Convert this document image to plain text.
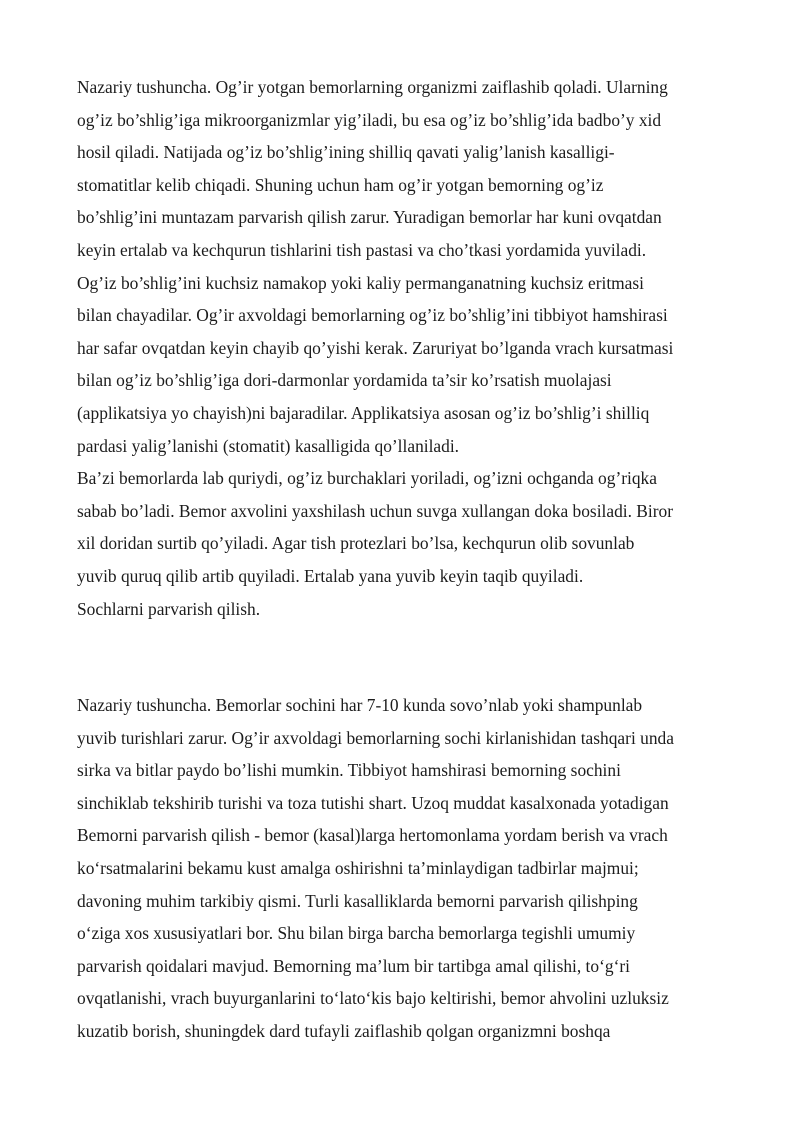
Nazariy tushuncha. Og’ir yotgan bemorlarning organizmi zaiflashib qoladi. Ularning
og’iz bo’shlig’iga mikroorganizmlar yig’iladi, bu esa og’iz bo’shlig’ida badbo’y xid
hosil qiladi. Natijada og’iz bo’shlig’ining shilliq qavati yalig’lanish kasalligi-
stomatitlar kelib chiqadi. Shuning uchun ham og’ir yotgan bemorning og’iz
bo’shlig’ini muntazam parvarish qilish zarur. Yuradigan bemorlar har kuni ovqatdan
keyin ertalab va kechqurun tishlarini tish pastasi va cho’tkasi yordamida yuviladi.
Og’iz bo’shlig’ini kuchsiz namakop yoki kaliy permanganatning kuchsiz eritmasi
bilan chayadilar. Og’ir axvoldagi bemorlarning og’iz bo’shlig’ini tibbiyot hamshirasi
har safar ovqatdan keyin chayib qo’yishi kerak. Zaruriyat bo’lganda vrach kursatmasi
bilan og’iz bo’shlig’iga dori-darmonlar yordamida ta’sir ko’rsatish muolajasi
(applikatsiya yo chayish)ni bajaradilar. Applikatsiya asosan og’iz bo’shlig’i shilliq
pardasi yalig’lanishi (stomatit) kasalligida qo’llaniladi.
Ba’zi bemorlarda lab quriydi, og’iz burchaklari yoriladi, og’izni ochganda og’riqka
sabab bo’ladi. Bemor axvolini yaxshilash uchun suvga xullangan doka bosiladi. Biror
xil doridan surtib qo’yiladi. Agar tish protezlari bo’lsa, kechqurun olib sovunlab
yuvib quruq qilib artib quyiladi. Ertalab yana yuvib keyin taqib quyiladi.
Sochlarni parvarish qilish.
Nazariy tushuncha. Bemorlar sochini har 7-10 kunda sovo’nlab yoki shampunlab
yuvib turishlari zarur. Og’ir axvoldagi bemorlarning sochi kirlanishidan tashqari unda
sirka va bitlar paydo bo’lishi mumkin. Tibbiyot hamshirasi bemorning sochini
sinchiklab tekshirib turishi va toza tutishi shart. Uzoq muddat kasalxonada yotadigan
Bemorni parvarish qilish - bemor (kasal)larga hertomonlama yordam berish va vrach
ko‘rsatmalarini bekamu kust amalga oshirishni ta’minlaydigan tadbirlar majmui;
davoning muhim tarkibiy qismi. Turli kasalliklarda bemorni parvarish qilishping
o‘ziga xos xususiyatlari bor. Shu bilan birga barcha bemorlarga tegishli umumiy
parvarish qoidalari mavjud. Bemorning ma’lum bir tartibga amal qilishi, to‘g‘ri
ovqatlanishi, vrach buyurganlarini to‘lato‘kis bajo keltirishi, bemor ahvolini uzluksiz
kuzatib borish, shuningdek dard tufayli zaiflashib qolgan organizmni boshqa
